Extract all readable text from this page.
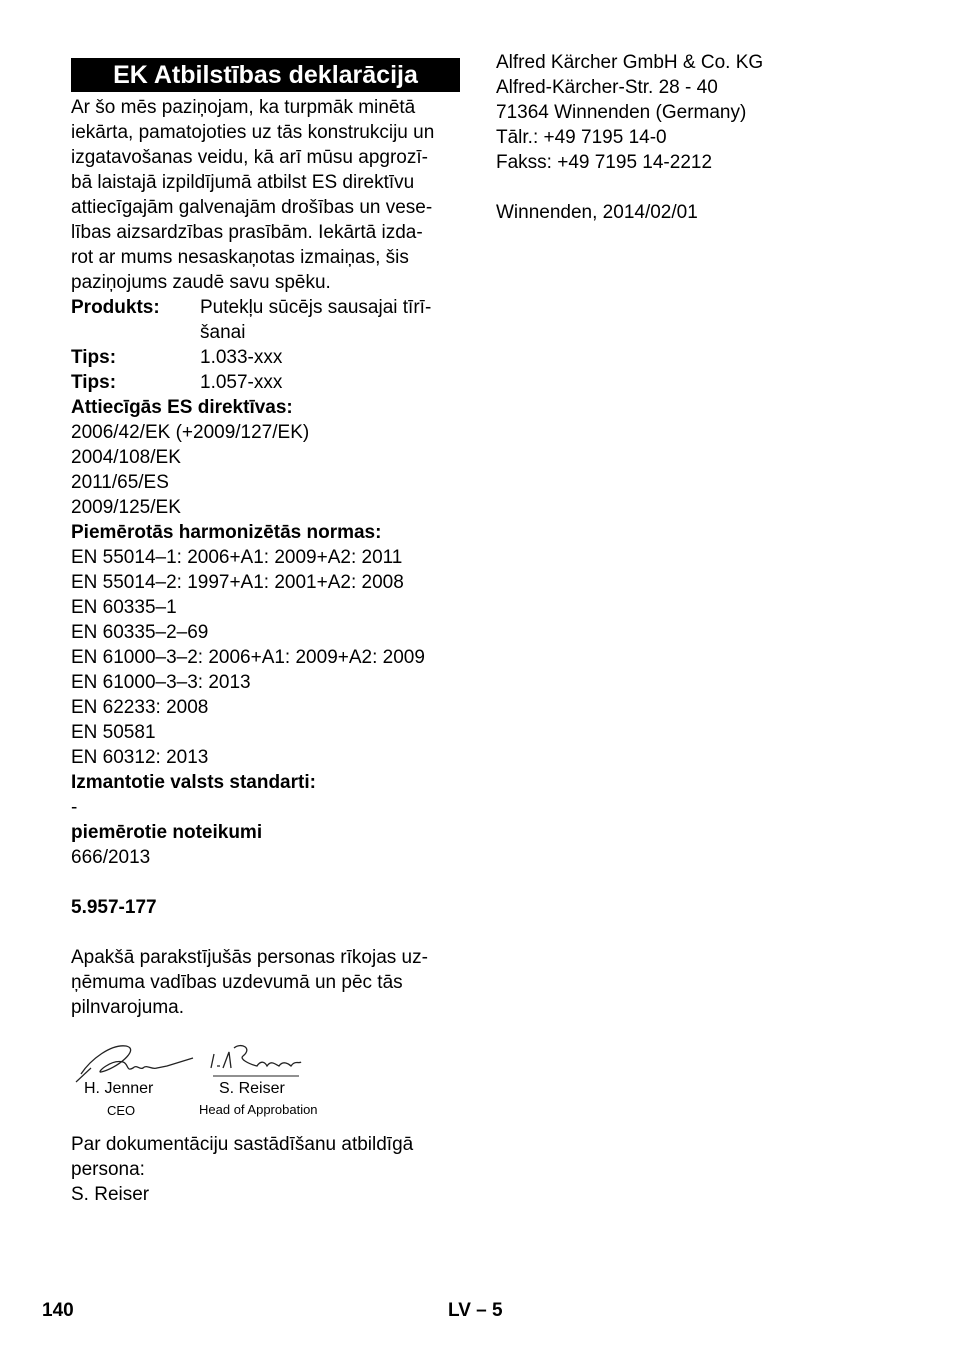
EK Atbilstības deklarācija
Ar šo mēs paziņojam, ka turpmāk minētā
iekārta, pamatojoties uz tās konstrukciju un
izgatavošanas veidu, kā arī mūsu apgrozī-
bā laistajā izpildījumā atbilst ES direktīvu
attiecīgajām galvenajām drošības un vese-
lības aizsardzības prasībām. Iekārtā izda-
rot ar mums nesaskaņotas izmaiņas, šis
paziņojums zaudē savu spēku.
Produkts:	Putekļu sūcējs sausajai tīrī-
šanai
Tips:	1.033-xxx
Tips:	1.057-xxx
Attiecīgās ES direktīvas:
2006/42/EK (+2009/127/EK)
2004/108/EK
2011/65/ES
2009/125/EK
Piemērotās harmonizētās normas:
EN 55014–1: 2006+A1: 2009+A2: 2011
EN 55014–2: 1997+A1: 2001+A2: 2008
EN 60335–1
EN 60335–2–69
EN 61000–3–2: 2006+A1: 2009+A2: 2009
EN 61000–3–3: 2013
EN 62233: 2008
EN 50581
EN 60312: 2013
Izmantotie valsts standarti:
-
piemērotie noteikumi
666/2013
5.957-177
Apakšā parakstījušās personas rīkojas uz-
ņēmuma vadības uzdevumā un pēc tās
pilnvarojuma.
H. Jenner
CEO
S. Reiser
Head of Approbation
Par dokumentāciju sastādīšanu atbildīgā
persona:
S. Reiser
Alfred Kärcher GmbH & Co. KG
Alfred-Kärcher-Str. 28 - 40
71364 Winnenden (Germany)
Tālr.: +49 7195 14-0
Fakss: +49 7195 14-2212
Winnenden, 2014/02/01
140	LV – 5
